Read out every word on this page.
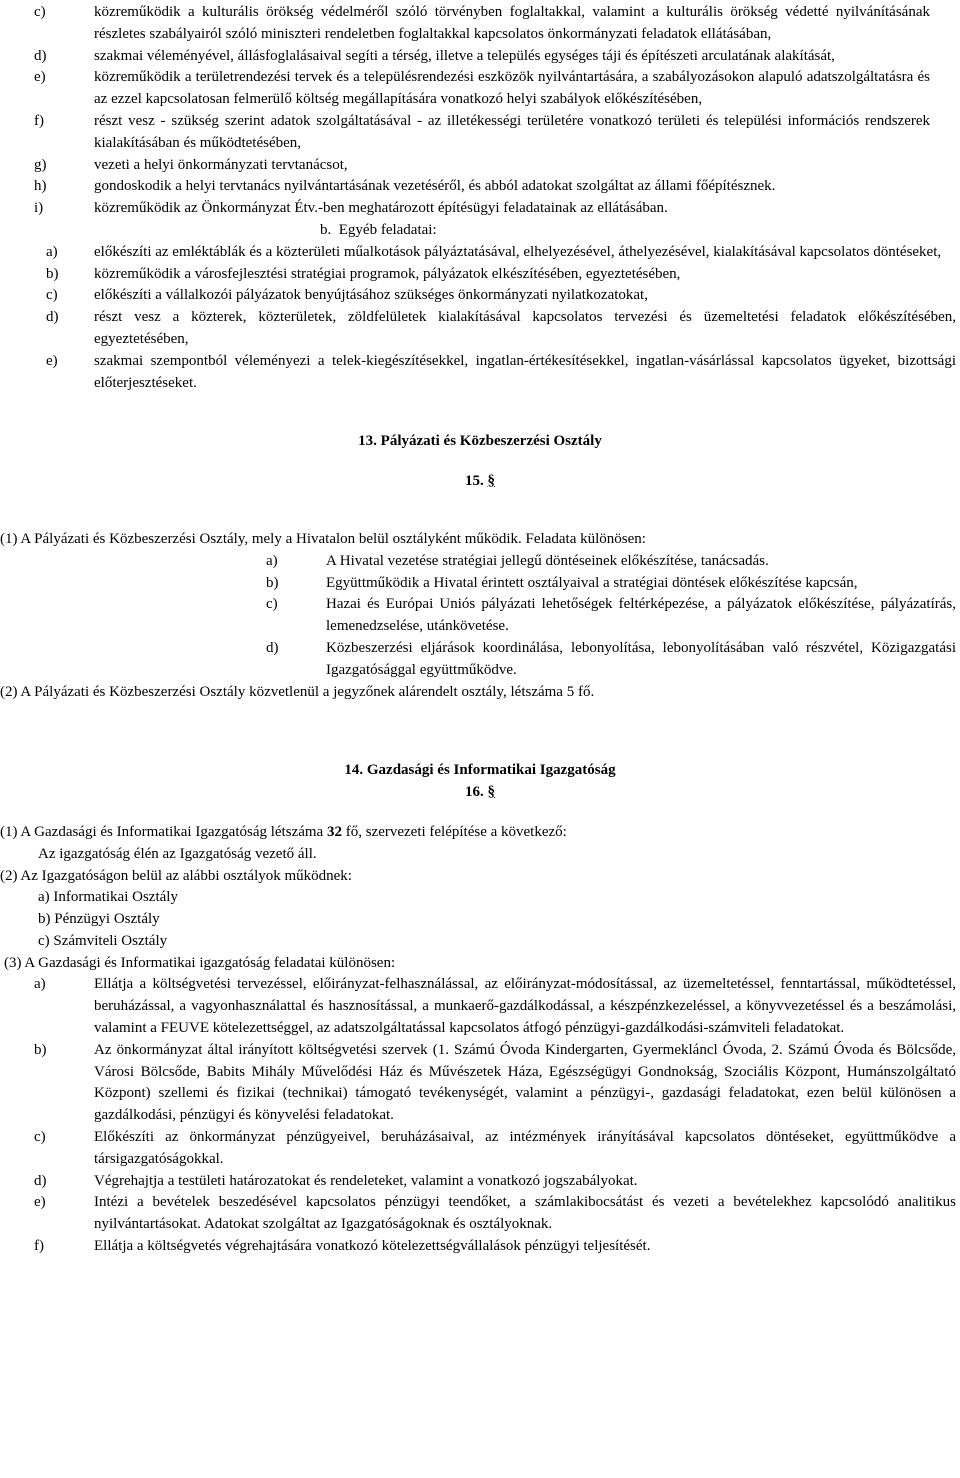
c)	közreműködik a kulturális örökség védelméről szóló törvényben foglaltakkal, valamint a kulturális örökség védetté nyilvánításának részletes szabályairól szóló miniszteri rendeletben foglaltakkal kapcsolatos önkormányzati feladatok ellátásában,
d)	szakmai véleményével, állásfoglalásaival segíti a térség, illetve a település egységes táji és építészeti arculatának alakítását,
e)	közreműködik a területrendezési tervek és a településrendezési eszközök nyilvántartására, a szabályozásokon alapuló adatszolgáltatásra és az ezzel kapcsolatosan felmerülő költség megállapítására vonatkozó helyi szabályok előkészítésében,
f)	részt vesz - szükség szerint adatok szolgáltatásával - az illetékességi területére vonatkozó területi és települési információs rendszerek kialakításában és működtetésében,
g)	vezeti a helyi önkormányzati tervtanácsot,
h)	gondoskodik a helyi tervtanács nyilvántartásának vezetéséről, és abból adatokat szolgáltat az állami főépítésznek.
i)	közreműködik az Önkormányzat Étv.-ben meghatározott építésügyi feladatainak az ellátásában.
b. Egyéb feladatai:
a) előkészíti az emléktáblák és a közterületi műalkotások pályáztatásával, elhelyezésével, áthelyezésével, kialakításával kapcsolatos döntéseket,
b) közreműködik a városfejlesztési stratégiai programok, pályázatok elkészítésében, egyeztetésében,
c) előkészíti a vállalkozói pályázatok benyújtásához szükséges önkormányzati nyilatkozatokat,
d) részt vesz a közterek, közterületek, zöldfelületek kialakításával kapcsolatos tervezési és üzemeltetési feladatok előkészítésében, egyeztetésében,
e) szakmai szempontból véleményezi a telek-kiegészítésekkel, ingatlan-értékesítésekkel, ingatlan-vásárlással kapcsolatos ügyeket, bizottsági előterjesztéseket.
13. Pályázati és Közbeszerzési Osztály
15. §
(1) A Pályázati és Közbeszerzési Osztály, mely a Hivatalon belül osztályként működik. Feladata különösen:
a)	A Hivatal vezetése stratégiai jellegű döntéseinek előkészítése, tanácsadás.
b)	Együttműködik a Hivatal érintett osztályaival a stratégiai döntések előkészítése kapcsán,
c)	Hazai és Európai Uniós pályázati lehetőségek feltérképezése, a pályázatok előkészítése, pályázatírás, lemenedzselése, utánkövetése.
d)	Közbeszerzési eljárások koordinálása, lebonyolítása, lebonyolításában való részvétel, Közigazgatási Igazgatósággal együttműködve.
(2) A Pályázati és Közbeszerzési Osztály közvetlenül a jegyzőnek alárendelt osztály, létszáma 5 fő.
14. Gazdasági és Informatikai Igazgatóság
16. §
(1) A Gazdasági és Informatikai Igazgatóság létszáma 32 fő, szervezeti felépítése a következő:
Az igazgatóság élén az Igazgatóság vezető áll.
(2) Az Igazgatóságon belül az alábbi osztályok működnek:
a) Informatikai Osztály
b) Pénzügyi Osztály
c) Számviteli Osztály
(3) A Gazdasági és Informatikai igazgatóság feladatai különösen:
a)	Ellátja a költségvetési tervezéssel, előirányzat-felhasználással, az előirányzat-módosítással, az üzemeltetéssel, fenntartással, működtetéssel, beruházással, a vagyonhasználattal és hasznosítással, a munkaerő-gazdálkodással, a készpénzkezeléssel, a könyvvezetéssel és a beszámolási, valamint a FEUVE kötelezettséggel, az adatszolgáltatással kapcsolatos átfogó pénzügyi-gazdálkodási-számviteli feladatokat.
b)	Az önkormányzat által irányított költségvetési szervek (1. Számú Óvoda Kindergarten, Gyermekláncl Óvoda, 2. Számú Óvoda és Bölcsőde, Városi Bölcsőde, Babits Mihály Művelődési Ház és Művészetek Háza, Egészségügyi Gondnokság, Szociális Központ, Humánszolgáltató Központ) szellemi és fizikai (technikai) támogató tevékenységét, valamint a pénzügyi-, gazdasági feladatokat, ezen belül különösen a gazdálkodási, pénzügyi és könyvelési feladatokat.
c)	Előkészíti az önkormányzat pénzügyeivel, beruházásaival, az intézmények irányításával kapcsolatos döntéseket, együttműködve a társigazgatóságokkal.
d)	Végrehajtja a testületi határozatokat és rendeleteket, valamint a vonatkozó jogszabályokat.
e)	Intézi a bevételek beszedésével kapcsolatos pénzügyi teendőket, a számlakibocsátást és vezeti a bevételekhez kapcsolódó analitikus nyilvántartásokat. Adatokat szolgáltat az Igazgatóságoknak és osztályoknak.
f)	Ellátja a költségvetés végrehajtására vonatkozó kötelezettségvállalások pénzügyi teljesítését.
